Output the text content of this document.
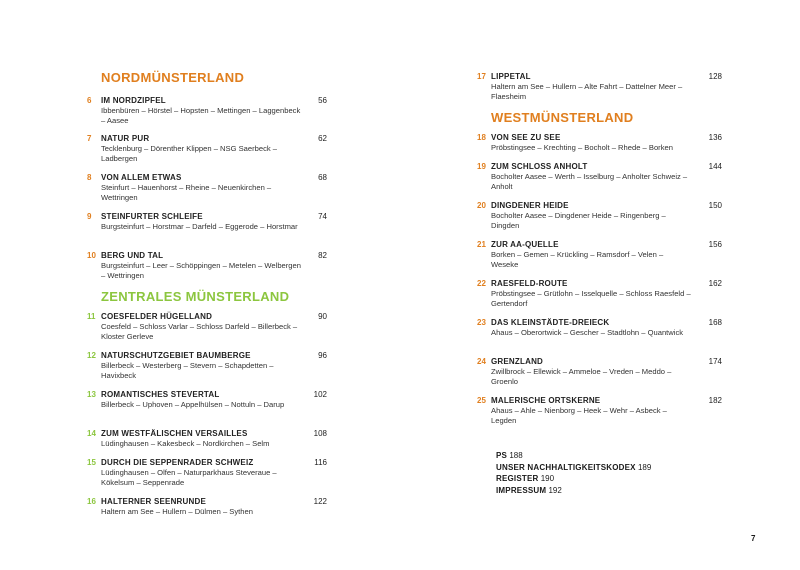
NORDMÜNSTERLAND
6	IM NORDZIPFEL	56
Ibbenbüren – Hörstel – Hopsten – Mettingen – Laggenbeck – Aasee
7	NATUR PUR	62
Tecklenburg – Dörenther Klippen – NSG Saerbeck – Ladbergen
8	VON ALLEM ETWAS	68
Steinfurt – Hauenhorst – Rheine – Neuenkirchen – Wettringen
9	STEINFURTER SCHLEIFE	74
Burgsteinfurt – Horstmar – Darfeld – Eggerode – Horstmar
10 BERG UND TAL	82
Burgsteinfurt – Leer – Schöppingen – Metelen – Welbergen – Wettringen
ZENTRALES MÜNSTERLAND
11 COESFELDER HÜGELLAND	90
Coesfeld – Schloss Varlar – Schloss Darfeld – Billerbeck – Kloster Gerleve
12 NATURSCHUTZGEBIET BAUMBERGE	96
Billerbeck – Westerberg – Stevern – Schapdetten – Havixbeck
13 ROMANTISCHES STEVERTAL	102
Billerbeck – Uphoven – Appelhülsen – Nottuln – Darup
14 ZUM WESTFÄLISCHEN VERSAILLES	108
Lüdinghausen – Kakesbeck – Nordkirchen – Selm
15 DURCH DIE SEPPENRADER SCHWEIZ	116
Lüdinghausen – Olfen – Naturparkhaus Steveraue – Kökelsum – Seppenrade
16 HALTERNER SEENRUNDE	122
Haltern am See – Hullern – Dülmen – Sythen
17 LIPPETAL	128
Haltern am See – Hullern – Alte Fahrt – Dattelner Meer – Flaesheim
WESTMÜNSTERLAND
18 VON SEE ZU SEE	136
Pröbstingsee – Krechting – Bocholt – Rhede – Borken
19 ZUM SCHLOSS ANHOLT	144
Bocholter Aasee – Werth – Isselburg – Anholter Schweiz – Anholt
20 DINGDENER HEIDE	150
Bocholter Aasee – Dingdener Heide – Ringenberg – Dingden
21 ZUR AA-QUELLE	156
Borken – Gemen – Krückling – Ramsdorf – Velen – Weseke
22 RAESFELD-ROUTE	162
Pröbstingsee – Grütlohn – Isselquelle – Schloss Raesfeld – Gertendorf
23 DAS KLEINSTÄDTE-DREIECK	168
Ahaus – Oberortwick – Gescher – Stadtlohn – Quantwick
24 GRENZLAND	174
Zwillbrock – Ellewick – Ammeloe – Vreden – Meddo – Groenlo
25 MALERISCHE ORTSKERNE	182
Ahaus – Ahle – Nienborg – Heek – Wehr – Asbeck – Legden
PS 188
UNSER NACHHALTIGKEITSKODEX 189
REGISTER 190
IMPRESSUM 192
7
